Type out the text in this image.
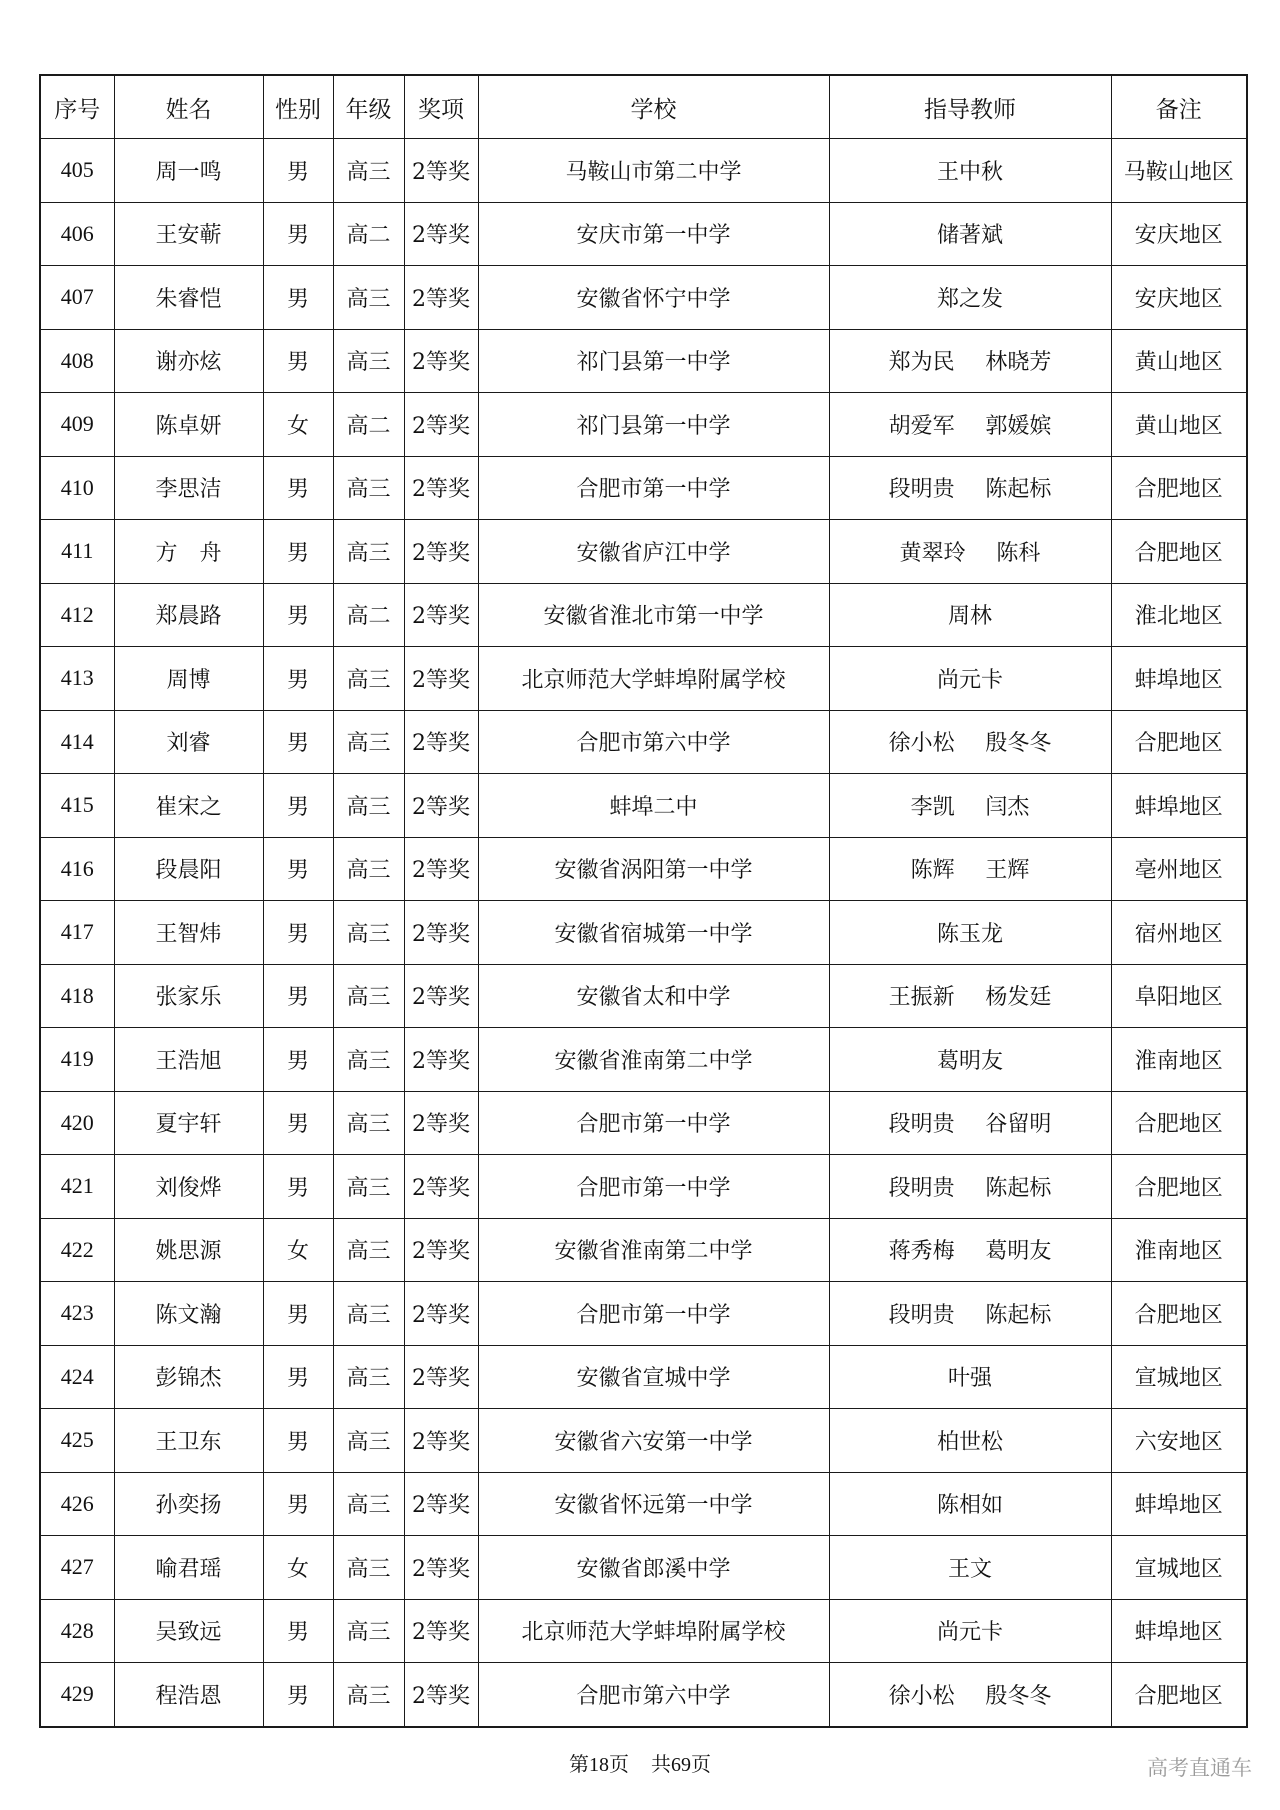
序号	姓名	性别	年级	奖项	学校	指导教师	备注
405	周一鸣	男	高三	2等奖	马鞍山市第二中学	王中秋	马鞍山地区
406	王安蕲	男	高二	2等奖	安庆市第一中学	储著斌	安庆地区
407	朱睿恺	男	高三	2等奖	安徽省怀宁中学	郑之发	安庆地区
408	谢亦炫	男	高三	2等奖	祁门县第一中学	郑为民 林晓芳	黄山地区
409	陈卓妍	女	高二	2等奖	祁门县第一中学	胡爱军 郭媛嫔	黄山地区
410	李思洁	男	高三	2等奖	合肥市第一中学	段明贵 陈起标	合肥地区
411	方　舟	男	高三	2等奖	安徽省庐江中学	黄翠玲 陈科	合肥地区
412	郑晨路	男	高二	2等奖	安徽省淮北市第一中学	周林	淮北地区
413	周博	男	高三	2等奖	北京师范大学蚌埠附属学校	尚元卡	蚌埠地区
414	刘睿	男	高三	2等奖	合肥市第六中学	徐小松 殷冬冬	合肥地区
415	崔宋之	男	高三	2等奖	蚌埠二中	李凯 闫杰	蚌埠地区
416	段晨阳	男	高三	2等奖	安徽省涡阳第一中学	陈辉 王辉	亳州地区
417	王智炜	男	高三	2等奖	安徽省宿城第一中学	陈玉龙	宿州地区
418	张家乐	男	高三	2等奖	安徽省太和中学	王振新 杨发廷	阜阳地区
419	王浩旭	男	高三	2等奖	安徽省淮南第二中学	葛明友	淮南地区
420	夏宇轩	男	高三	2等奖	合肥市第一中学	段明贵 谷留明	合肥地区
421	刘俊烨	男	高三	2等奖	合肥市第一中学	段明贵 陈起标	合肥地区
422	姚思源	女	高三	2等奖	安徽省淮南第二中学	蒋秀梅 葛明友	淮南地区
423	陈文瀚	男	高三	2等奖	合肥市第一中学	段明贵 陈起标	合肥地区
424	彭锦杰	男	高三	2等奖	安徽省宣城中学	叶强	宣城地区
425	王卫东	男	高三	2等奖	安徽省六安第一中学	柏世松	六安地区
426	孙奕扬	男	高三	2等奖	安徽省怀远第一中学	陈相如	蚌埠地区
427	喻君瑶	女	高三	2等奖	安徽省郎溪中学	王文	宣城地区
428	吴致远	男	高三	2等奖	北京师范大学蚌埠附属学校	尚元卡	蚌埠地区
429	程浩恩	男	高三	2等奖	合肥市第六中学	徐小松 殷冬冬	合肥地区
第18页 共69页	高考直通车
